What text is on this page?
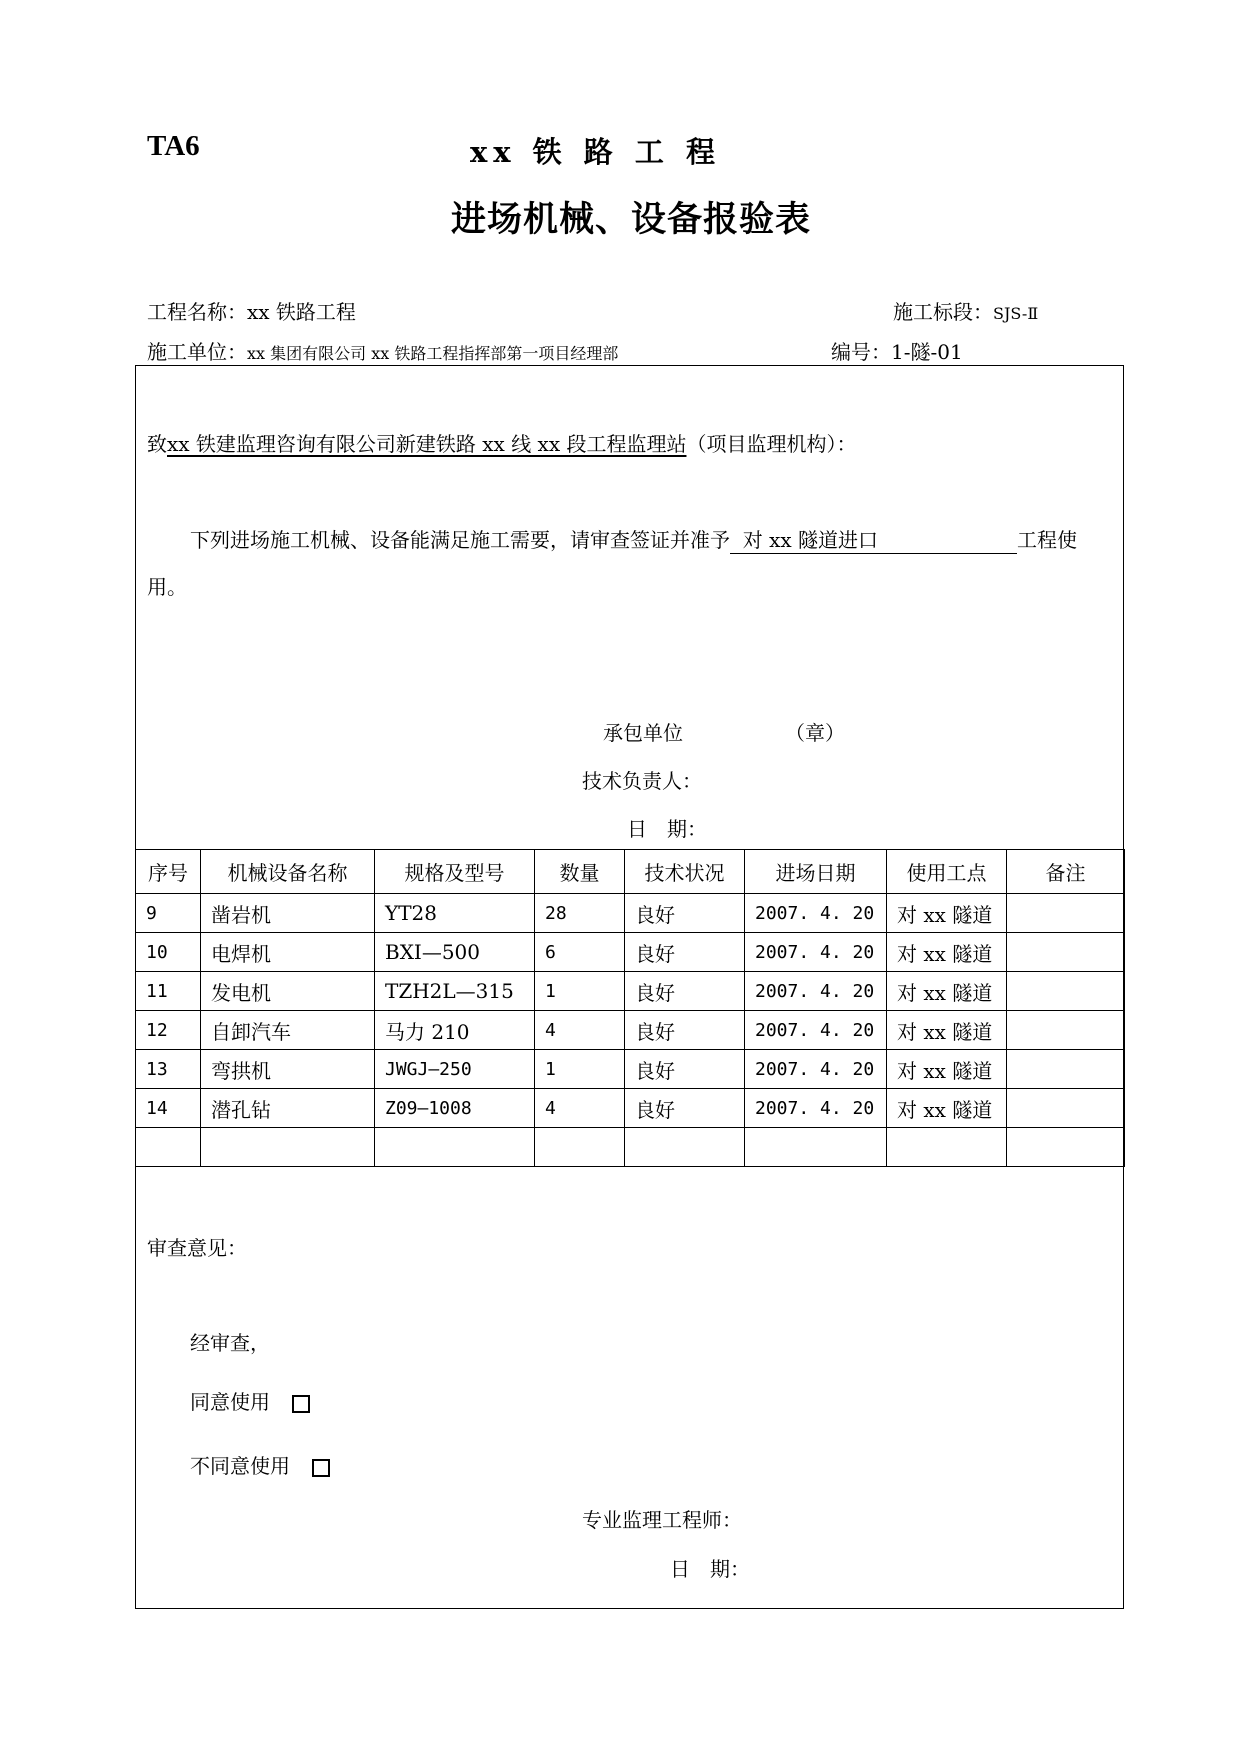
TA6	xx 铁 路 工 程
进场机械、设备报验表
工程名称：xx 铁路工程	施工标段：SJS-Ⅱ
施工单位：xx 集团有限公司 xx 铁路工程指挥部第一项目经理部	编号：1-隧-01
致xx 铁建监理咨询有限公司新建铁路 xx 线 xx 段工程监理站（项目监理机构）：
下列进场施工机械、设备能满足施工需要，请审查签证并准予 对 xx 隧道进口	工程使
用。
承包单位	（章）
技术负责人：
日　期：
序号	机械设备名称	规格及型号	数量	技术状况	进场日期	使用工点	备注
9	凿岩机	YT28	28	良好	2007. 4. 20	对 xx 隧道	
10	电焊机	BXI—500	6	良好	2007. 4. 20	对 xx 隧道	
11	发电机	TZH2L—315	1	良好	2007. 4. 20	对 xx 隧道	
12	自卸汽车	马力 210	4	良好	2007. 4. 20	对 xx 隧道	
13	弯拱机	JWGJ—250	1	良好	2007. 4. 20	对 xx 隧道	
14	潜孔钻	Z09—1008	4	良好	2007. 4. 20	对 xx 隧道	

审查意见：
经审查，
同意使用
不同意使用
专业监理工程师：
日　期：
